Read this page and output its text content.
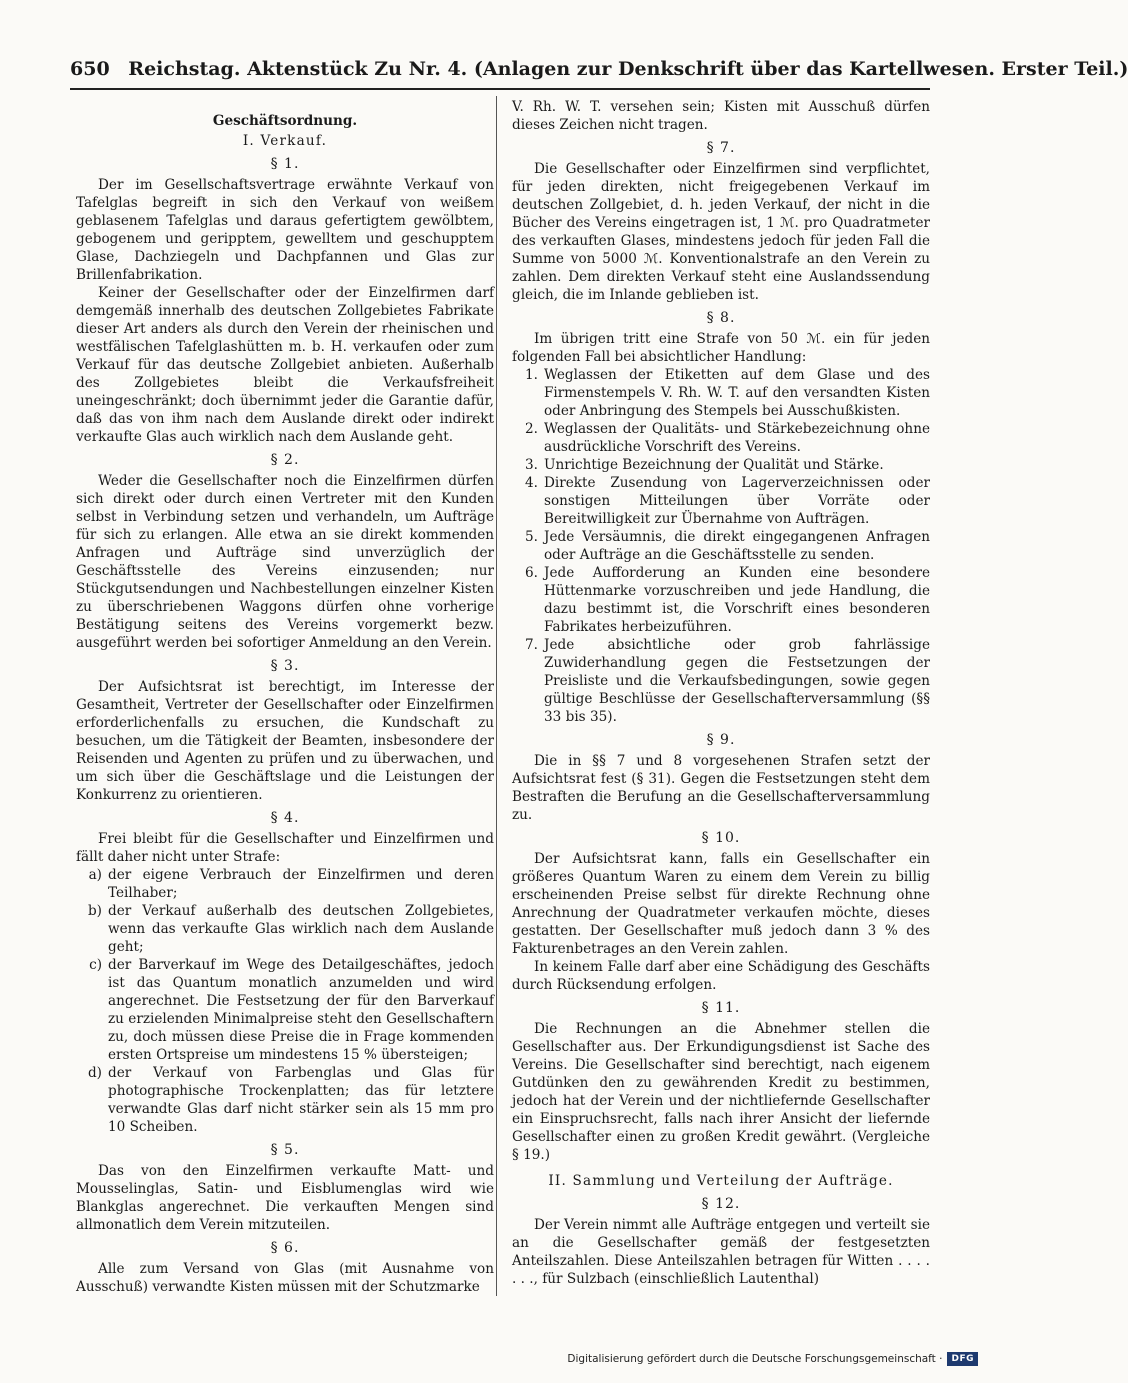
650 Reichstag. Aktenstück Zu Nr. 4. (Anlagen zur Denkschrift über das Kartellwesen. Erster Teil.)
Geschäftsordnung.
I. Verkauf.
§ 1.

Der im Gesellschaftsvertrage erwähnte Verkauf von Tafelglas begreift in sich den Verkauf von weißem geblasenem Tafelglas und daraus gefertigtem gewölbtem, gebogenem und geripptem, gewelltem und geschupptem Glase, Dachziegeln und Dachpfannen und Glas zur Brillenfabrikation.

Keiner der Gesellschafter oder der Einzelfirmen darf demgemäß innerhalb des deutschen Zollgebietes Fabrikate dieser Art anders als durch den Verein der rheinischen und westfälischen Tafelglashütten m. b. H. verkaufen oder zum Verkauf für das deutsche Zollgebiet anbieten. Außerhalb des Zollgebietes bleibt die Verkaufsfreiheit uneingeschränkt; doch übernimmt jeder die Garantie dafür, daß das von ihm nach dem Auslande direkt oder indirekt verkaufte Glas auch wirklich nach dem Auslande geht.

§ 2.

Weder die Gesellschafter noch die Einzelfirmen dürfen sich direkt oder durch einen Vertreter mit den Kunden selbst in Verbindung setzen und verhandeln, um Aufträge für sich zu erlangen. Alle etwa an sie direkt kommenden Anfragen und Aufträge sind unverzüglich der Geschäftsstelle des Vereins einzusenden; nur Stückgutsendungen und Nachbestellungen einzelner Kisten zu überschriebenen Waggons dürfen ohne vorherige Bestätigung seitens des Vereins vorgemerkt bezw. ausgeführt werden bei sofortiger Anmeldung an den Verein.

§ 3.

Der Aufsichtsrat ist berechtigt, im Interesse der Gesamtheit, Vertreter der Gesellschafter oder Einzelfirmen erforderlichenfalls zu ersuchen, die Kundschaft zu besuchen, um die Tätigkeit der Beamten, insbesondere der Reisenden und Agenten zu prüfen und zu überwachen, und um sich über die Geschäftslage und die Leistungen der Konkurrenz zu orientieren.

§ 4.

Frei bleibt für die Gesellschafter und Einzelfirmen und fällt daher nicht unter Strafe:

a) der eigene Verbrauch der Einzelfirmen und deren Teilhaber;
b) der Verkauf außerhalb des deutschen Zollgebietes, wenn das verkaufte Glas wirklich nach dem Auslande geht;
c) der Barverkauf im Wege des Detailgeschäftes, jedoch ist das Quantum monatlich anzumelden und wird angerechnet. Die Festsetzung der für den Barverkauf zu erzielenden Minimalpreise steht den Gesellschaftern zu, doch müssen diese Preise die in Frage kommenden ersten Ortspreise um mindestens 15 % übersteigen;
d) der Verkauf von Farbenglas und Glas für photographische Trockenplatten; das für letztere verwandte Glas darf nicht stärker sein als 15 mm pro 10 Scheiben.
§ 5.

Das von den Einzelfirmen verkaufte Matt- und Mousselinglas, Satin- und Eisblumenglas wird wie Blankglas angerechnet. Die verkauften Mengen sind allmonatlich dem Verein mitzuteilen.

§ 6.

Alle zum Versand von Glas (mit Ausnahme von Ausschuß) verwandte Kisten müssen mit der Schutzmarke

V. Rh. W. T. versehen sein; Kisten mit Ausschuß dürfen dieses Zeichen nicht tragen.

§ 7.

Die Gesellschafter oder Einzelfirmen sind verpflichtet, für jeden direkten, nicht freigegebenen Verkauf im deutschen Zollgebiet, d. h. jeden Verkauf, der nicht in die Bücher des Vereins eingetragen ist, 1 ℳ. pro Quadratmeter des verkauften Glases, mindestens jedoch für jeden Fall die Summe von 5000 ℳ. Konventionalstrafe an den Verein zu zahlen. Dem direkten Verkauf steht eine Auslandssendung gleich, die im Inlande geblieben ist.

§ 8.

Im übrigen tritt eine Strafe von 50 ℳ. ein für jeden folgenden Fall bei absichtlicher Handlung:

1. Weglassen der Etiketten auf dem Glase und des Firmenstempels V. Rh. W. T. auf den versandten Kisten oder Anbringung des Stempels bei Ausschußkisten.
2. Weglassen der Qualitäts- und Stärkebezeichnung ohne ausdrückliche Vorschrift des Vereins.
3. Unrichtige Bezeichnung der Qualität und Stärke.
4. Direkte Zusendung von Lagerverzeichnissen oder sonstigen Mitteilungen über Vorräte oder Bereitwilligkeit zur Übernahme von Aufträgen.
5. Jede Versäumnis, die direkt eingegangenen Anfragen oder Aufträge an die Geschäftsstelle zu senden.
6. Jede Aufforderung an Kunden eine besondere Hüttenmarke vorzuschreiben und jede Handlung, die dazu bestimmt ist, die Vorschrift eines besonderen Fabrikates herbeizuführen.
7. Jede absichtliche oder grob fahrlässige Zuwiderhandlung gegen die Festsetzungen der Preisliste und die Verkaufsbedingungen, sowie gegen gültige Beschlüsse der Gesellschafterversammlung (§§ 33 bis 35).
§ 9.

Die in §§ 7 und 8 vorgesehenen Strafen setzt der Aufsichtsrat fest (§ 31). Gegen die Festsetzungen steht dem Bestraften die Berufung an die Gesellschafterversammlung zu.

§ 10.

Der Aufsichtsrat kann, falls ein Gesellschafter ein größeres Quantum Waren zu einem dem Verein zu billig erscheinenden Preise selbst für direkte Rechnung ohne Anrechnung der Quadratmeter verkaufen möchte, dieses gestatten. Der Gesellschafter muß jedoch dann 3 % des Fakturenbetrages an den Verein zahlen.

In keinem Falle darf aber eine Schädigung des Geschäfts durch Rücksendung erfolgen.

§ 11.

Die Rechnungen an die Abnehmer stellen die Gesellschafter aus. Der Erkundigungsdienst ist Sache des Vereins. Die Gesellschafter sind berechtigt, nach eigenem Gutdünken den zu gewährenden Kredit zu bestimmen, jedoch hat der Verein und der nichtliefernde Gesellschafter ein Einspruchsrecht, falls nach ihrer Ansicht der liefernde Gesellschafter einen zu großen Kredit gewährt. (Vergleiche § 19.)

II. Sammlung und Verteilung der Aufträge.
§ 12.

Der Verein nimmt alle Aufträge entgegen und verteilt sie an die Gesellschafter gemäß der festgesetzten Anteilszahlen. Diese Anteilszahlen betragen für Witten . . . . . . ., für Sulzbach (einschließlich Lautenthal)

Digitalisierung gefördert durch die Deutsche Forschungsgemeinschaft ·	DFG
